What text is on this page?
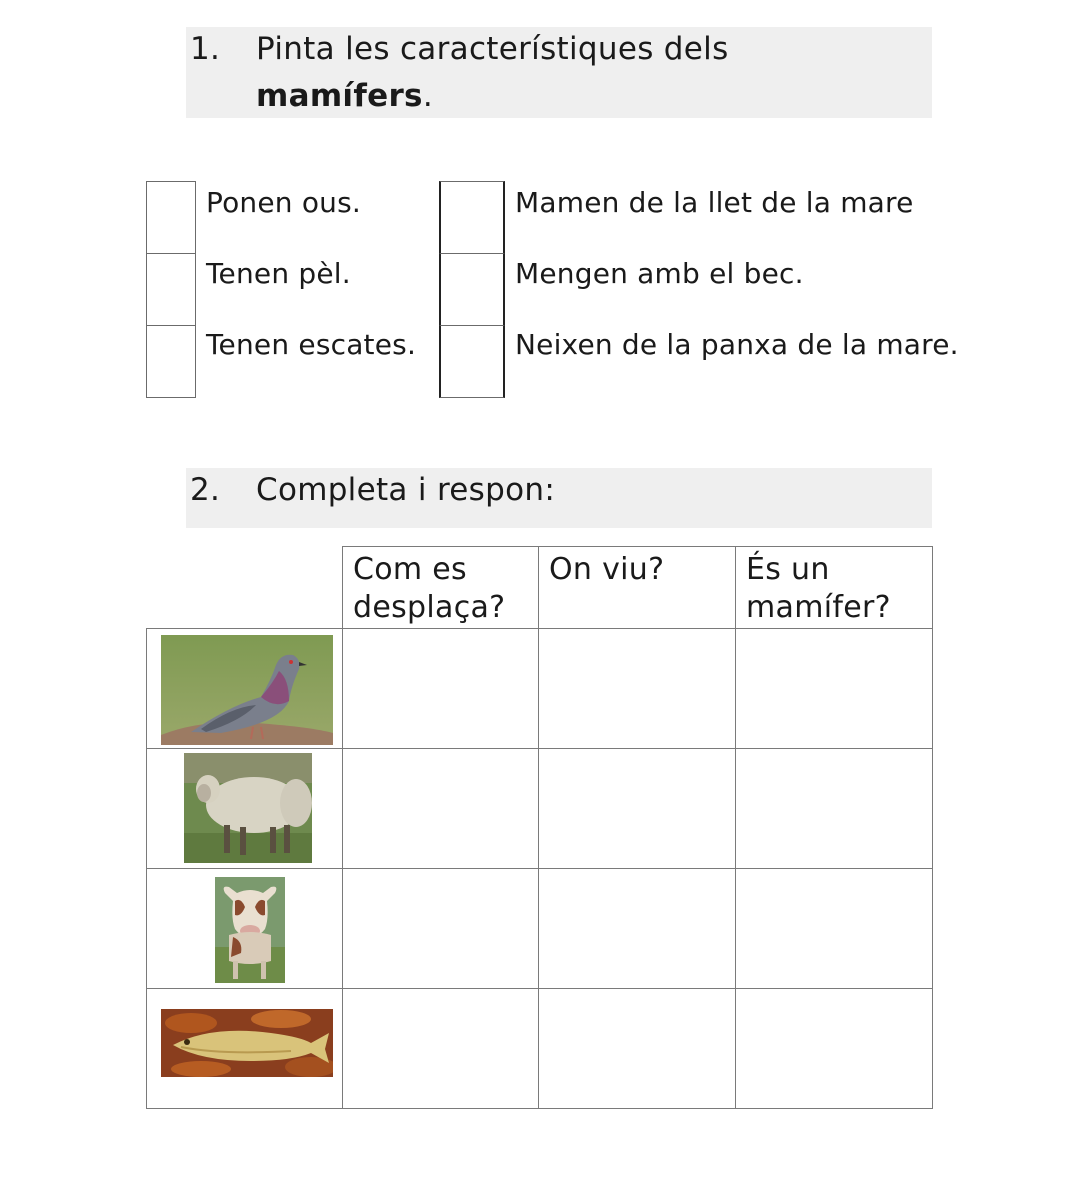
1. Pinta les característiques dels
mamífers.
Ponen ous.
Tenen pèl.
Tenen escates.
Mamen de la llet de la mare
Mengen amb el bec.
Neixen de la panxa de la mare.
2. Completa i respon:

	Com es desplaça?	On viu?	És un mamífer?
